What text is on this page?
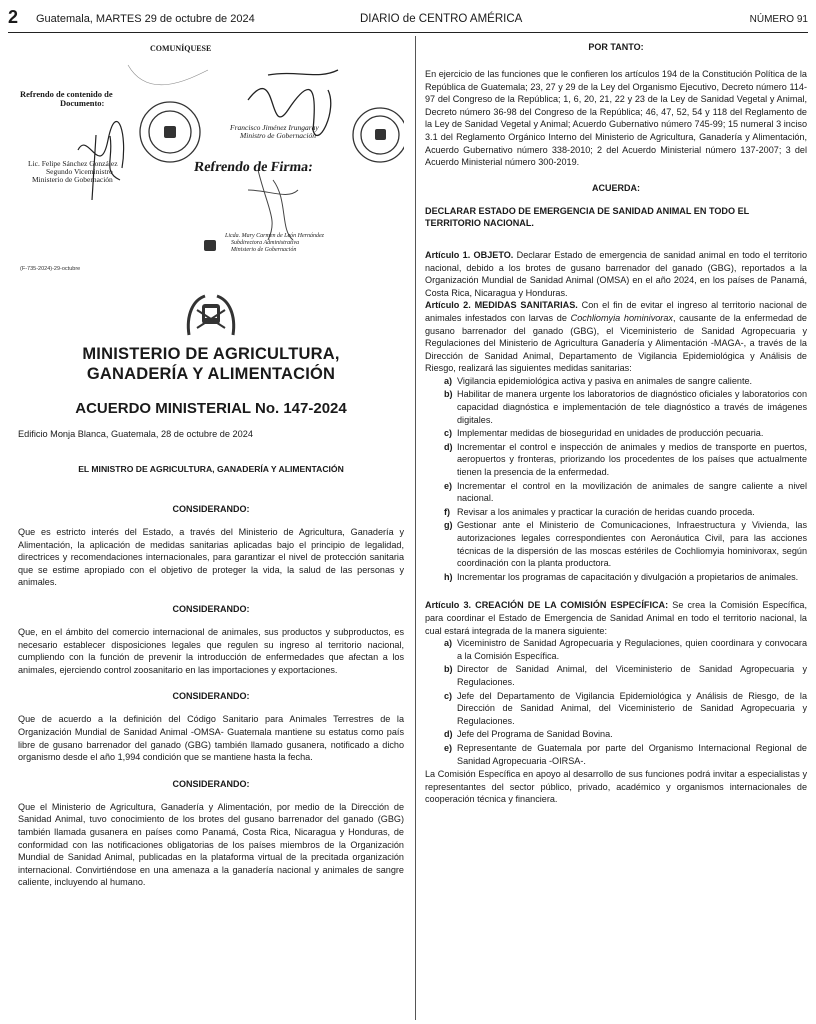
2 Guatemala, MARTES 29 de octubre de 2024	DIARIO de CENTRO AMÉRICA	NÚMERO 91
COMUNÍQUESE
Refrendo de contenido de
Documento:
Lic. Felipe Sánchez González
Segundo Viceministro
Ministerio de Gobernación
Francisco Jiménez Irungaray
Ministro de Gobernación
Refrendo de Firma:
Licda. Mary Carmen de León Hernández
Subdirectora Administrativa
Ministerio de Gobernación
(F-735-2024)-29-octubre
MINISTERIO DE AGRICULTURA,
GANADERÍA Y ALIMENTACIÓN
ACUERDO MINISTERIAL No. 147-2024
Edificio Monja Blanca, Guatemala, 28 de octubre de 2024
EL MINISTRO DE AGRICULTURA, GANADERÍA Y ALIMENTACIÓN
CONSIDERANDO:

Que es estricto interés del Estado, a través del Ministerio de Agricultura, Ganadería y Alimentación, la aplicación de medidas sanitarias aplicadas bajo el principio de legalidad, directrices y recomendaciones internacionales, para garantizar el nivel de protección sanitaria que se estime apropiado con el objetivo de proteger la vida, la salud de las personas y animales.

CONSIDERANDO:

Que, en el ámbito del comercio internacional de animales, sus productos y subproductos, es necesario establecer disposiciones legales que regulen su ingreso al territorio nacional, cumpliendo con la función de prevenir la introducción de enfermedades que afectan a los animales, ejerciendo control zoosanitario en las importaciones y exportaciones.

CONSIDERANDO:

Que de acuerdo a la definición del Código Sanitario para Animales Terrestres de la Organización Mundial de Sanidad Animal -OMSA- Guatemala mantiene su estatus como país libre de gusano barrenador del ganado (GBG) también llamado gusanera, notificado a dicho organismo desde el año 1,994 condición que se mantiene hasta la fecha.

CONSIDERANDO:

Que el Ministerio de Agricultura, Ganadería y Alimentación, por medio de la Dirección de Sanidad Animal, tuvo conocimiento de los brotes del gusano barrenador del ganado (GBG) también llamada gusanera en países como Panamá, Costa Rica, Nicaragua y Honduras, de conformidad con las notificaciones obligatorias de los países miembros de la Organización Mundial de Sanidad Animal, publicadas en la plataforma virtual de la precitada organización internacional. Convirtiéndose en una amenaza a la ganadería nacional y animales de sangre caliente, incluyendo al humano.

POR TANTO:

En ejercicio de las funciones que le confieren los artículos 194 de la Constitución Política de la República de Guatemala; 23, 27 y 29 de la Ley del Organismo Ejecutivo, Decreto número 114-97 del Congreso de la República; 1, 6, 20, 21, 22 y 23 de la Ley de Sanidad Vegetal y Animal, Decreto número 36-98 del Congreso de la República; 46, 47, 52, 54 y 118 del Reglamento de la Ley de Sanidad Vegetal y Animal; Acuerdo Gubernativo número 745-99; 15 numeral 3 inciso 3.1 del Reglamento Orgánico Interno del Ministerio de Agricultura, Ganadería y Alimentación, Acuerdo Gubernativo número 338-2010; 2 del Acuerdo Ministerial número 137-2007; 3 del Acuerdo Ministerial número 300-2019.

ACUERDA:
DECLARAR ESTADO DE EMERGENCIA DE SANIDAD ANIMAL EN TODO EL TERRITORIO NACIONAL.

Artículo 1. OBJETO. Declarar Estado de emergencia de sanidad animal en todo el territorio nacional, debido a los brotes de gusano barrenador del ganado (GBG), reportados a la Organización Mundial de Sanidad Animal (OMSA) en el año 2024, en los países de Panamá, Costa Rica, Nicaragua y Honduras.

Artículo 2. MEDIDAS SANITARIAS. Con el fin de evitar el ingreso al territorio nacional de animales infestados con larvas de Cochliomyia hominivorax, causante de la enfermedad de gusano barrenador del ganado (GBG), el Viceministerio de Sanidad Agropecuaria y Regulaciones del Ministerio de Agricultura Ganadería y Alimentación -MAGA-, a través de la Dirección de Sanidad Animal, Departamento de Vigilancia Epidemiológica y Análisis de Riesgo, realizará las siguientes medidas sanitarias:

a) Vigilancia epidemiológica activa y pasiva en animales de sangre caliente.
b) Habilitar de manera urgente los laboratorios de diagnóstico oficiales y laboratorios con capacidad diagnóstica e implementación de tele diagnóstico a través de imágenes digitales.
c) Implementar medidas de bioseguridad en unidades de producción pecuaria.
d) Incrementar el control e inspección de animales y medios de transporte en puertos, aeropuertos y fronteras, priorizando los procedentes de los países que actualmente tienen la presencia de la enfermedad.
e) Incrementar el control en la movilización de animales de sangre caliente a nivel nacional.
f) Revisar a los animales y practicar la curación de heridas cuando proceda.
g) Gestionar ante el Ministerio de Comunicaciones, Infraestructura y Vivienda, las autorizaciones legales correspondientes con Aeronáutica Civil, para las acciones técnicas de la dispersión de las moscas estériles de Cochliomyia hominivorax, según coordinación con la planta productora.
h) Incrementar los programas de capacitación y divulgación a propietarios de animales.

Artículo 3. CREACIÓN DE LA COMISIÓN ESPECÍFICA: Se crea la Comisión Específica, para coordinar el Estado de Emergencia de Sanidad Animal en todo el territorio nacional, la cual estará integrada de la manera siguiente:

a) Viceministro de Sanidad Agropecuaria y Regulaciones, quien coordinara y convocara a la Comisión Específica.
b) Director de Sanidad Animal, del Viceministerio de Sanidad Agropecuaria y Regulaciones.
c) Jefe del Departamento de Vigilancia Epidemiológica y Análisis de Riesgo, de la Dirección de Sanidad Animal, del Viceministerio de Sanidad Agropecuaria y Regulaciones.
d) Jefe del Programa de Sanidad Bovina.
e) Representante de Guatemala por parte del Organismo Internacional Regional de Sanidad Agropecuaria -OIRSA-.

La Comisión Específica en apoyo al desarrollo de sus funciones podrá invitar a especialistas y representantes del sector público, privado, académico y organismos internacionales de cooperación técnica y financiera.
